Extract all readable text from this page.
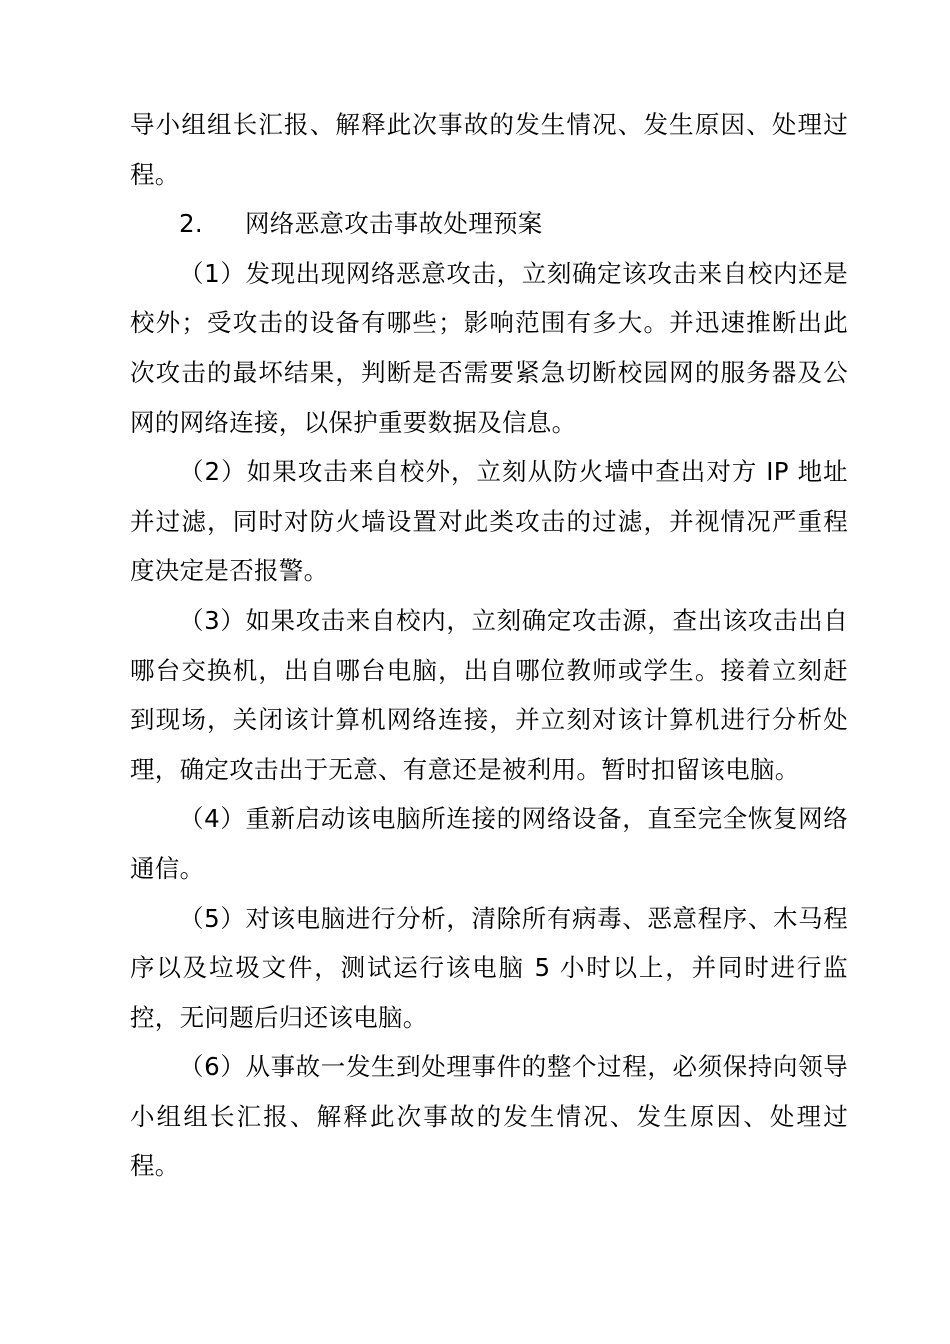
导小组组长汇报、解释此次事故的发生情况、发生原因、处理过程。

2. 网络恶意攻击事故处理预案

（1）发现出现网络恶意攻击，立刻确定该攻击来自校内还是校外；受攻击的设备有哪些；影响范围有多大。并迅速推断出此次攻击的最坏结果，判断是否需要紧急切断校园网的服务器及公网的网络连接，以保护重要数据及信息。

（2）如果攻击来自校外，立刻从防火墙中查出对方 IP 地址并过滤，同时对防火墙设置对此类攻击的过滤，并视情况严重程度决定是否报警。

（3）如果攻击来自校内，立刻确定攻击源，查出该攻击出自哪台交换机，出自哪台电脑，出自哪位教师或学生。接着立刻赶到现场，关闭该计算机网络连接，并立刻对该计算机进行分析处理，确定攻击出于无意、有意还是被利用。暂时扣留该电脑。

（4）重新启动该电脑所连接的网络设备，直至完全恢复网络通信。

（5）对该电脑进行分析，清除所有病毒、恶意程序、木马程序以及垃圾文件，测试运行该电脑 5 小时以上，并同时进行监控，无问题后归还该电脑。

（6）从事故一发生到处理事件的整个过程，必须保持向领导小组组长汇报、解释此次事故的发生情况、发生原因、处理过程。
